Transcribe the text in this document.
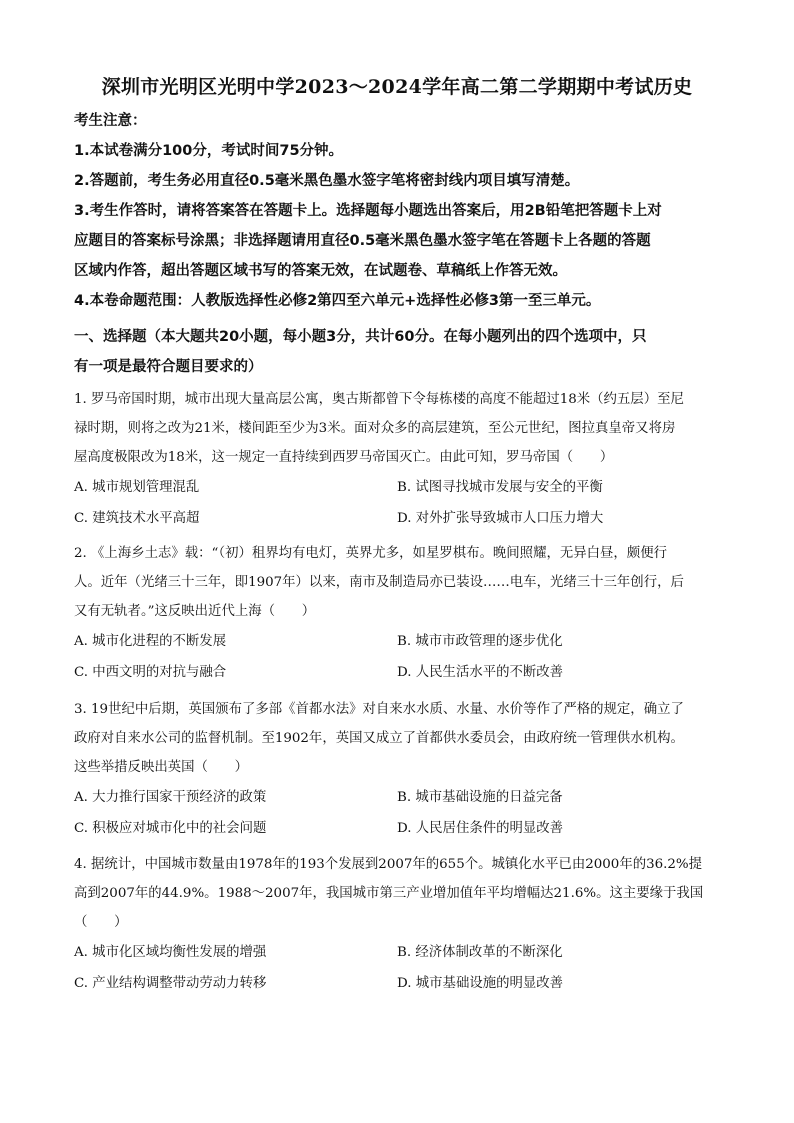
深圳市光明区光明中学2023～2024学年高二第二学期期中考试历史
考生注意：
1.本试卷满分100分，考试时间75分钟。
2.答题前，考生务必用直径0.5毫米黑色墨水签字笔将密封线内项目填写清楚。
3.考生作答时，请将答案答在答题卡上。选择题每小题选出答案后，用2B铅笔把答题卡上对
应题目的答案标号涂黑；非选择题请用直径0.5毫米黑色墨水签字笔在答题卡上各题的答题
区域内作答，超出答题区域书写的答案无效，在试题卷、草稿纸上作答无效。
4.本卷命题范围：人教版选择性必修2第四至六单元+选择性必修3第一至三单元。
一、选择题（本大题共20小题，每小题3分，共计60分。在每小题列出的四个选项中，只
有一项是最符合题目要求的）
1. 罗马帝国时期，城市出现大量高层公寓，奥古斯都曾下令每栋楼的高度不能超过18米（约五层）至尼
禄时期，则将之改为21米，楼间距至少为3米。面对众多的高层建筑，至公元世纪，图拉真皇帝又将房
屋高度极限改为18米，这一规定一直持续到西罗马帝国灭亡。由此可知，罗马帝国（　　）
A. 城市规划管理混乱	B. 试图寻找城市发展与安全的平衡
C. 建筑技术水平高超	D. 对外扩张导致城市人口压力增大
2. 《上海乡土志》载：“（初）租界均有电灯，英界尤多，如星罗棋布。晚间照耀，无异白昼，颇便行
人。近年（光绪三十三年，即1907年）以来，南市及制造局亦已装设……电车，光绪三十三年创行，后
又有无轨者。”这反映出近代上海（　　）
A. 城市化进程的不断发展	B. 城市市政管理的逐步优化
C. 中西文明的对抗与融合	D. 人民生活水平的不断改善
3. 19世纪中后期，英国颁布了多部《首都水法》对自来水水质、水量、水价等作了严格的规定，确立了
政府对自来水公司的监督机制。至1902年，英国又成立了首都供水委员会，由政府统一管理供水机构。
这些举措反映出英国（　　）
A. 大力推行国家干预经济的政策	B. 城市基础设施的日益完备
C. 积极应对城市化中的社会问题	D. 人民居住条件的明显改善
4. 据统计，中国城市数量由1978年的193个发展到2007年的655个。城镇化水平已由2000年的36.2%提
高到2007年的44.9%。1988～2007年，我国城市第三产业增加值年平均增幅达21.6%。这主要缘于我国
（　　）
A. 城市化区域均衡性发展的增强	B. 经济体制改革的不断深化
C. 产业结构调整带动劳动力转移	D. 城市基础设施的明显改善
